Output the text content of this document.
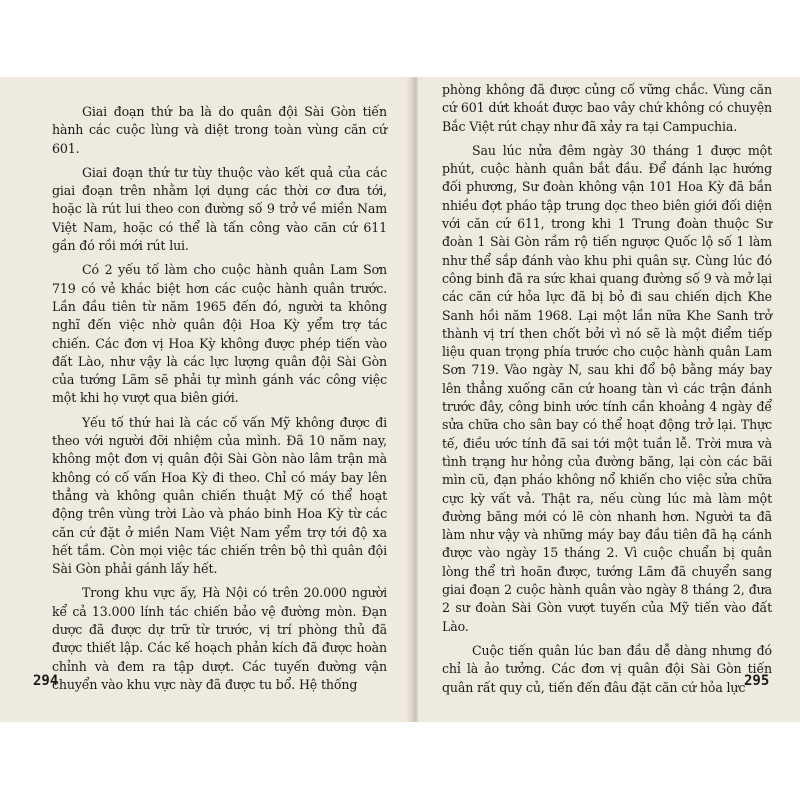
Giai đoạn thứ ba là do quân đội Sài Gòn tiến hành các cuộc lùng và diệt trong toàn vùng căn cứ 601.

Giai đoạn thứ tư tùy thuộc vào kết quả của các giai đoạn trên nhằm lợi dụng các thời cơ đưa tới, hoặc là rút lui theo con đường số 9 trở về miền Nam Việt Nam, hoặc có thể là tấn công vào căn cứ 611 gần đó rồi mới rút lui.

Có 2 yếu tố làm cho cuộc hành quân Lam Sơn 719 có vẻ khác biệt hơn các cuộc hành quân trước. Lần đầu tiên từ năm 1965 đến đó, người ta không nghĩ đến việc nhờ quân đội Hoa Kỳ yểm trợ tác chiến. Các đơn vị Hoa Kỳ không được phép tiến vào đất Lào, như vậy là các lực lượng quân đội Sài Gòn của tướng Lãm sẽ phải tự mình gánh vác công việc một khi họ vượt qua biên giới.

Yếu tố thứ hai là các cố vấn Mỹ không được đi theo với người đỡi nhiệm của mình. Đã 10 năm nay, không một đơn vị quân đội Sài Gòn nào lâm trận mà không có cố vấn Hoa Kỳ đi theo. Chỉ có máy bay lên thẳng và không quân chiến thuật Mỹ có thể hoạt động trên vùng trời Lào và pháo binh Hoa Kỳ từ các căn cứ đặt ở miền Nam Việt Nam yểm trợ tới độ xa hết tầm. Còn mọi việc tác chiến trên bộ thì quân đội Sài Gòn phải gánh lấy hết.

Trong khu vực ấy, Hà Nội có trên 20.000 người kể cả 13.000 lính tác chiến bảo vệ đường mòn. Đạn dược đã được dự trữ từ trước, vị trí phòng thủ đã được thiết lập. Các kế hoạch phản kích đã được hoàn chỉnh và đem ra tập dượt. Các tuyến đường vận chuyển vào khu vực này đã được tu bổ. Hệ thống

294

phòng không đã được củng cố vững chắc. Vùng căn cứ 601 dứt khoát được bao vây chứ không có chuyện Bắc Việt rút chạy như đã xảy ra tại Campuchia.

Sau lúc nửa đêm ngày 30 tháng 1 được một phút, cuộc hành quân bắt đầu. Để đánh lạc hướng đối phương, Sư đoàn không vận 101 Hoa Kỳ đã bắn nhiều đợt pháo tập trung dọc theo biên giới đối diện với căn cứ 611, trong khi 1 Trung đoàn thuộc Sư đoàn 1 Sài Gòn rầm rộ tiến ngược Quốc lộ số 1 làm như thể sắp đánh vào khu phi quân sự. Cùng lúc đó công binh đã ra sức khai quang đường số 9 và mở lại các căn cứ hỏa lực đã bị bỏ đi sau chiến dịch Khe Sanh hồi năm 1968. Lại một lần nữa Khe Sanh trở thành vị trí then chốt bởi vì nó sẽ là một điểm tiếp liệu quan trọng phía trước cho cuộc hành quân Lam Sơn 719. Vào ngày N, sau khi đổ bộ bằng máy bay lên thẳng xuống căn cứ hoang tàn vì các trận đánh trước đây, công binh ước tính cần khoảng 4 ngày để sửa chữa cho sân bay có thể hoạt động trở lại. Thực tế, điều ước tính đã sai tới một tuần lễ. Trời mưa và tình trạng hư hỏng của đường băng, lại còn các bãi mìn cũ, đạn pháo không nổ khiến cho việc sửa chữa cực kỳ vất vả. Thật ra, nếu cùng lúc mà làm một đường băng mới có lẽ còn nhanh hơn. Người ta đã làm như vậy và những máy bay đầu tiên đã hạ cánh được vào ngày 15 tháng 2. Vì cuộc chuẩn bị quân lòng thể trì hoãn được, tướng Lãm đã chuyển sang giai đoạn 2 cuộc hành quân vào ngày 8 tháng 2, đưa 2 sư đoàn Sài Gòn vượt tuyến của Mỹ tiến vào đất Lào.

Cuộc tiến quân lúc ban đầu dễ dàng nhưng đó chỉ là ảo tưởng. Các đơn vị quân đội Sài Gòn tiến quân rất quy củ, tiến đến đâu đặt căn cứ hỏa lực

295
